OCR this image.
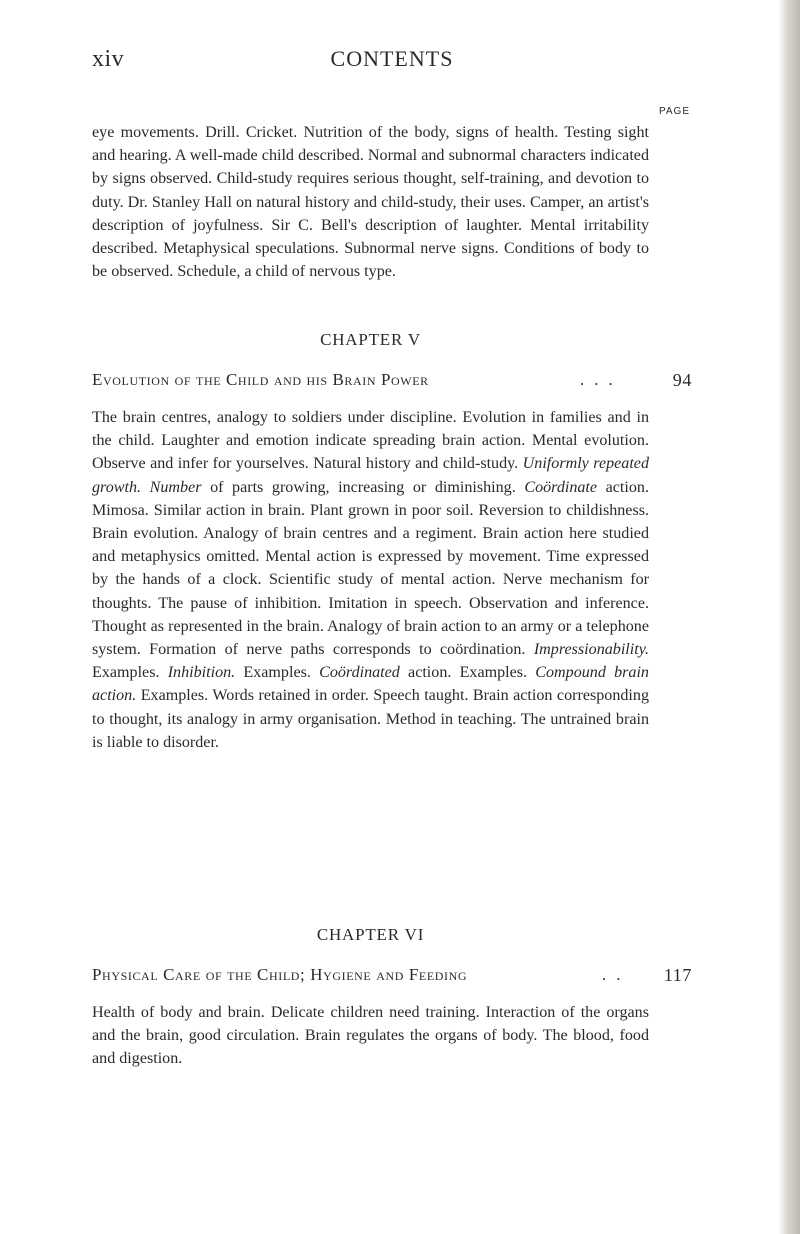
CONTENTS
xiv
PAGE
eye movements. Drill. Cricket. Nutrition of the body, signs of health. Testing sight and hearing. A well-made child described. Normal and subnormal characters indicated by signs observed. Child-study requires serious thought, self-training, and devotion to duty. Dr. Stanley Hall on natural history and child-study, their uses. Camper, an artist's description of joyfulness. Sir C. Bell's description of laughter. Mental irritability described. Metaphysical speculations. Subnormal nerve signs. Conditions of body to be observed. Schedule, a child of nervous type.
CHAPTER V
Evolution of the Child and his Brain Power	...	94
The brain centres, analogy to soldiers under discipline. Evolution in families and in the child. Laughter and emotion indicate spreading brain action. Mental evolution. Observe and infer for yourselves. Natural history and child-study. Uniformly repeated growth. Number of parts growing, increasing or diminishing. Coördinate action. Mimosa. Similar action in brain. Plant grown in poor soil. Reversion to childishness. Brain evolution. Analogy of brain centres and a regiment. Brain action here studied and metaphysics omitted. Mental action is expressed by movement. Time expressed by the hands of a clock. Scientific study of mental action. Nerve mechanism for thoughts. The pause of inhibition. Imitation in speech. Observation and inference. Thought as represented in the brain. Analogy of brain action to an army or a telephone system. Formation of nerve paths corresponds to coördination. Impressionability. Examples. Inhibition. Examples. Coördinated action. Examples. Compound brain action. Examples. Words retained in order. Speech taught. Brain action corresponding to thought, its analogy in army organisation. Method in teaching. The untrained brain is liable to disorder.
CHAPTER VI
Physical Care of the Child; Hygiene and Feeding	.. 117
Health of body and brain. Delicate children need training. Interaction of the organs and the brain, good circulation. Brain regulates the organs of body. The blood, food and digestion.
